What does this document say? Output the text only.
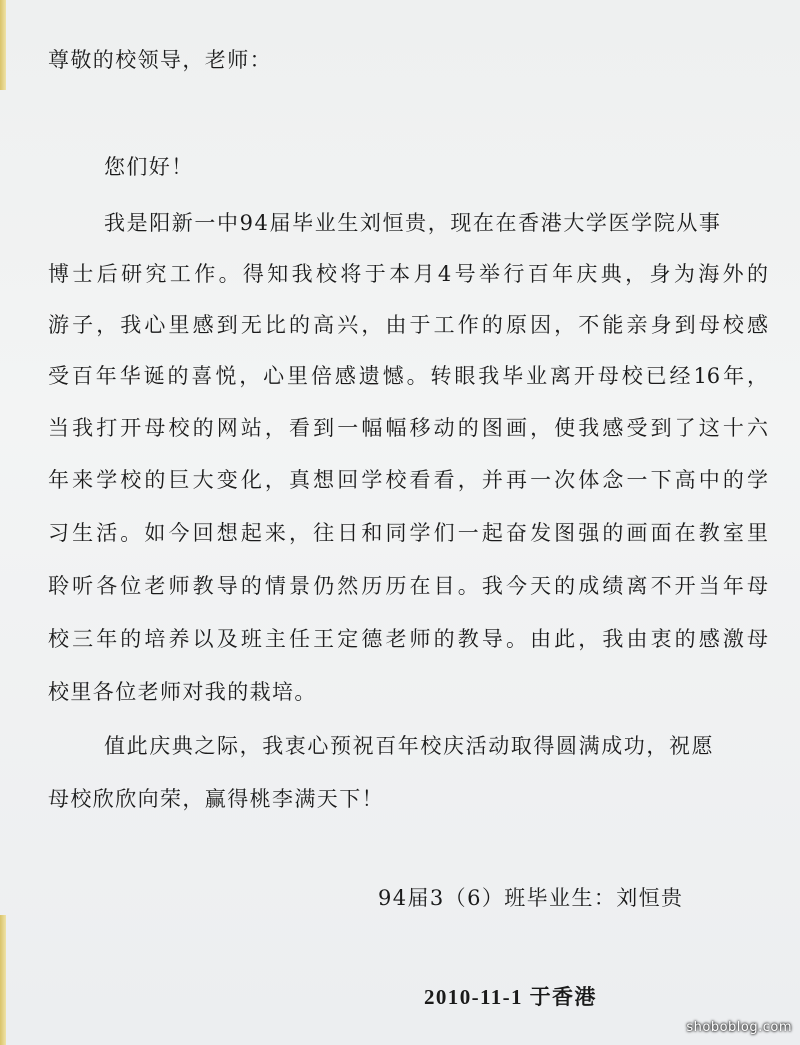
尊敬的校领导，老师：
您们好！
我是阳新一中94届毕业生刘恒贵，现在在香港大学医学院从事
博士后研究工作。得知我校将于本月4号举行百年庆典，身为海外的
游子，我心里感到无比的高兴，由于工作的原因，不能亲身到母校感
受百年华诞的喜悦，心里倍感遗憾。转眼我毕业离开母校已经16年，
当我打开母校的网站，看到一幅幅移动的图画，使我感受到了这十六
年来学校的巨大变化，真想回学校看看，并再一次体念一下高中的学
习生活。如今回想起来，往日和同学们一起奋发图强的画面在教室里
聆听各位老师教导的情景仍然历历在目。我今天的成绩离不开当年母
校三年的培养以及班主任王定德老师的教导。由此，我由衷的感激母
校里各位老师对我的栽培。
值此庆典之际，我衷心预祝百年校庆活动取得圆满成功，祝愿
母校欣欣向荣，赢得桃李满天下！
94届3（6）班毕业生：刘恒贵
2010-11-1 于香港
shoboblog.com
